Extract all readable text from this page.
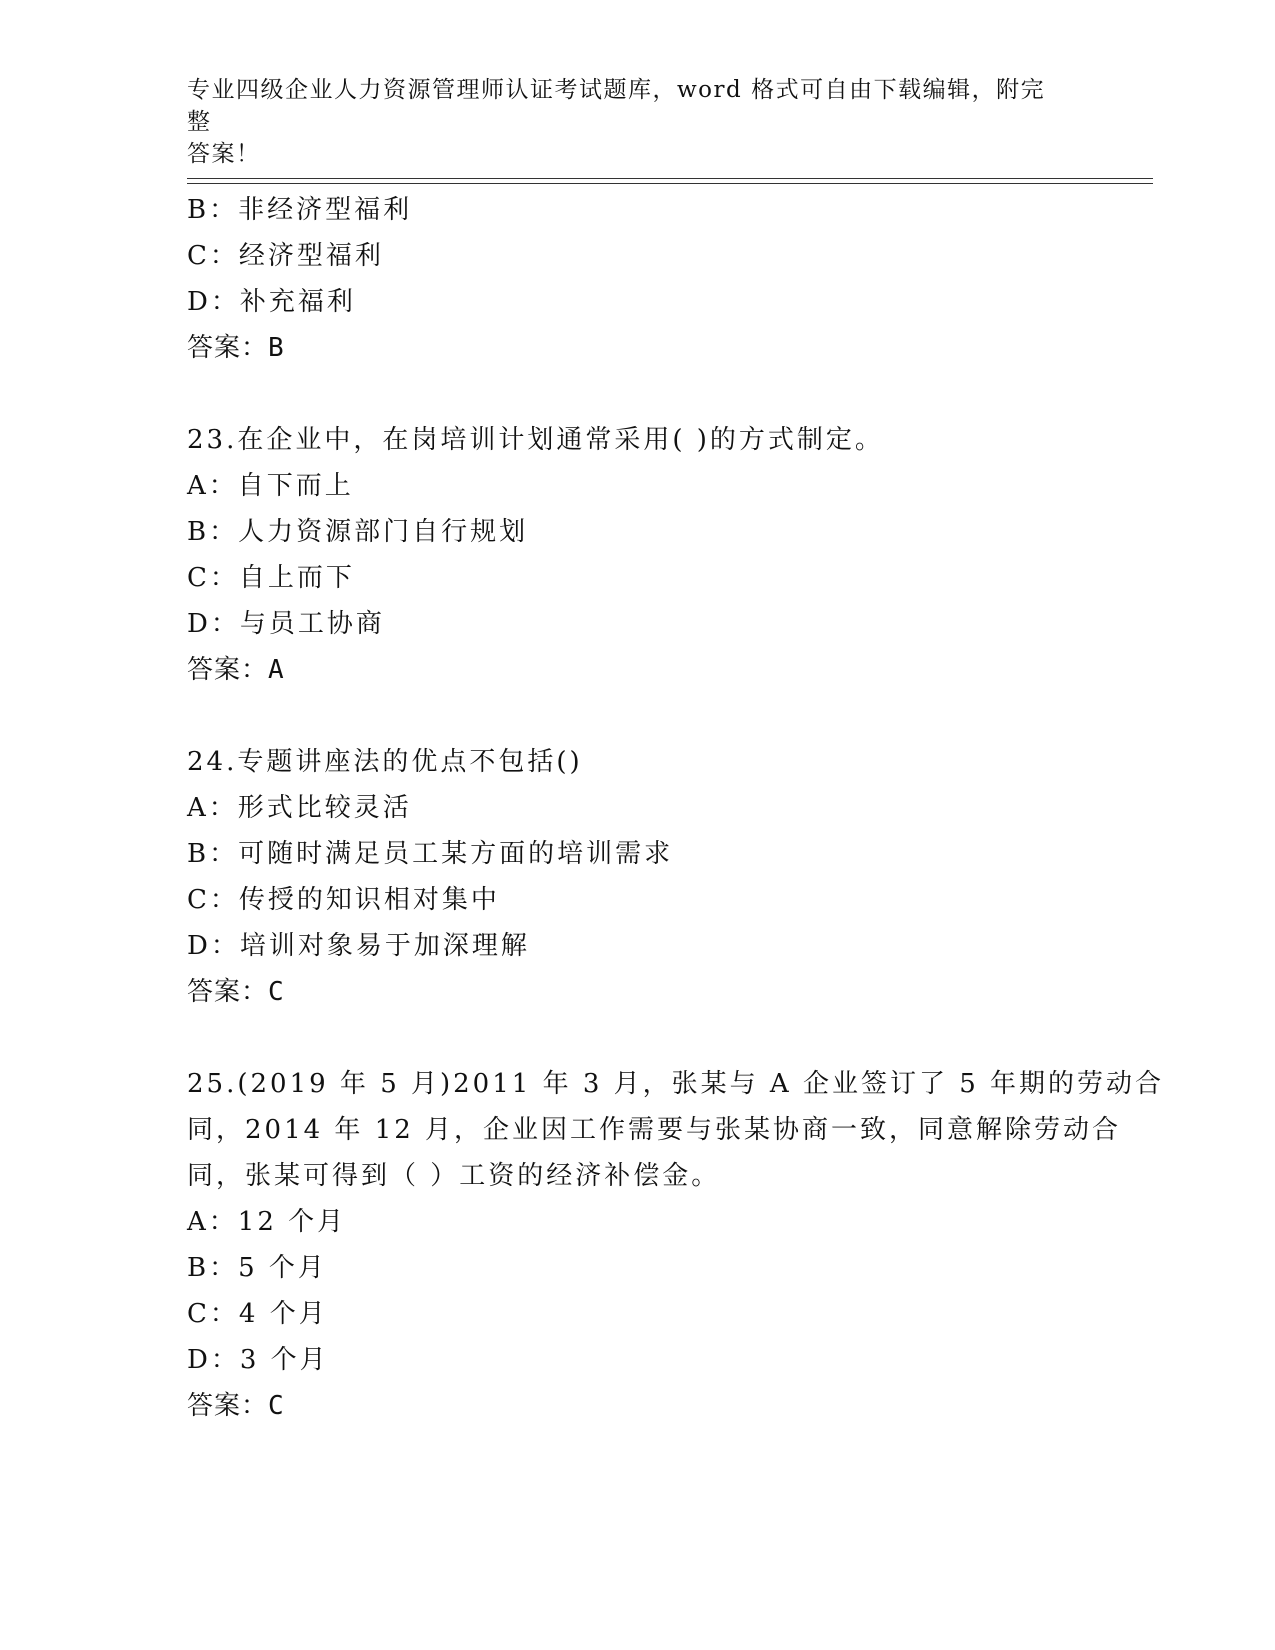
专业四级企业人力资源管理师认证考试题库，word 格式可自由下载编辑，附完整
答案！
B：非经济型福利
C：经济型福利
D：补充福利
答案：B
23.在企业中，在岗培训计划通常采用( )的方式制定。
A：自下而上
B：人力资源部门自行规划
C：自上而下
D：与员工协商
答案：A
24.专题讲座法的优点不包括()
A：形式比较灵活
B：可随时满足员工某方面的培训需求
C：传授的知识相对集中
D：培训对象易于加深理解
答案：C
25.(2019 年 5 月)2011 年 3 月，张某与 A 企业签订了 5 年期的劳动合
同，2014 年 12 月，企业因工作需要与张某协商一致，同意解除劳动合
同，张某可得到（ ）工资的经济补偿金。
A：12 个月
B：5 个月
C：4 个月
D：3 个月
答案：C
